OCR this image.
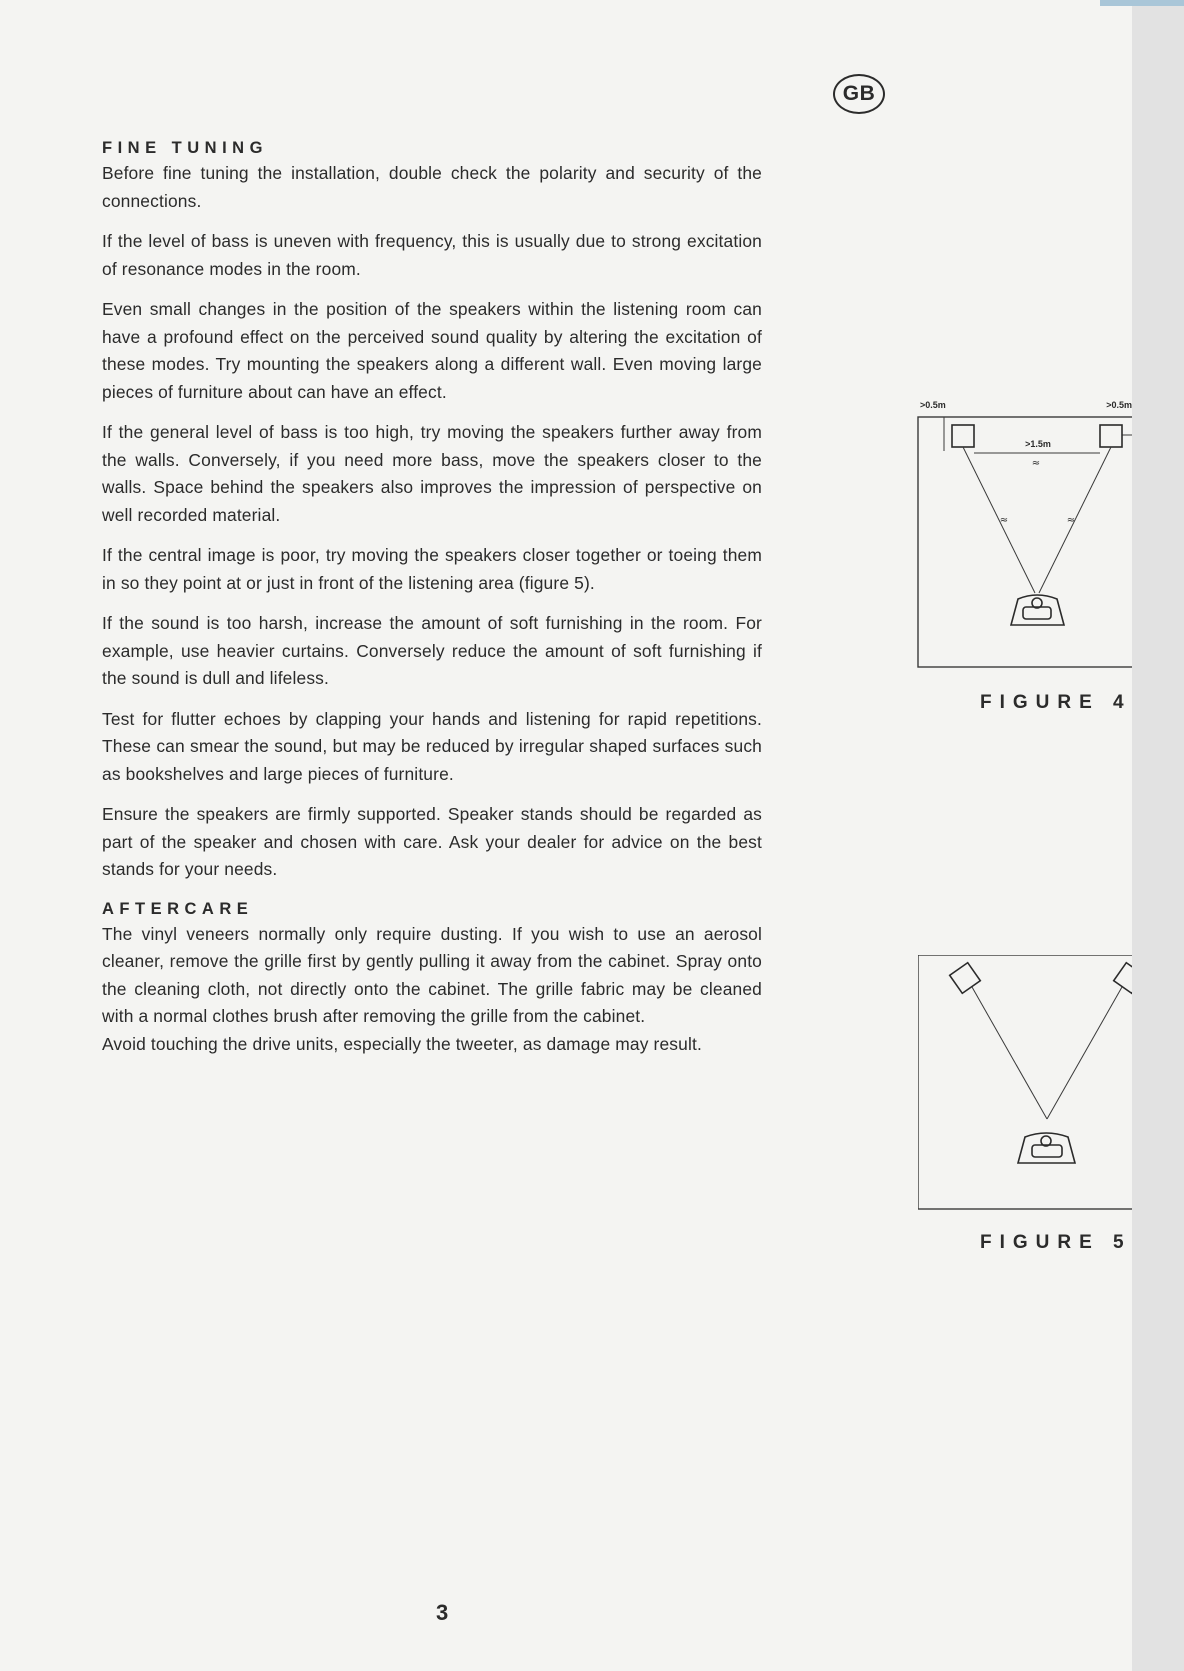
GB
FINE TUNING

Before fine tuning the installation, double check the polarity and security of the connections.

If the level of bass is uneven with frequency, this is usually due to strong excitation of resonance modes in the room.

Even small changes in the position of the speakers within the listening room can have a profound effect on the perceived sound quality by altering the excitation of these modes. Try mounting the speakers along a different wall. Even moving large pieces of furniture about can have an effect.

If the general level of bass is too high, try moving the speakers further away from the walls. Conversely, if you need more bass, move the speakers closer to the walls. Space behind the speakers also improves the impression of perspective on well recorded material.

If the central image is poor, try moving the speakers closer together or toeing them in so they point at or just in front of the listening area (figure 5).

If the sound is too harsh, increase the amount of soft furnishing in the room. For example, use heavier curtains. Conversely reduce the amount of soft furnishing if the sound is dull and lifeless.

Test for flutter echoes by clapping your hands and listening for rapid repetitions. These can smear the sound, but may be reduced by irregular shaped surfaces such as bookshelves and large pieces of furniture.

Ensure the speakers are firmly supported. Speaker stands should be regarded as part of the speaker and chosen with care. Ask your dealer for advice on the best stands for your needs.

AFTERCARE

The vinyl veneers normally only require dusting. If you wish to use an aerosol cleaner, remove the grille first by gently pulling it away from the cabinet. Spray onto the cleaning cloth, not directly onto the cabinet. The grille fabric may be cleaned with a normal clothes brush after removing the grille from the cabinet.

Avoid touching the drive units, especially the tweeter, as damage may result.

>0.5m	>0.5m
>1.5m
≈
≈	≈
FIGURE 4
FIGURE 5
3
